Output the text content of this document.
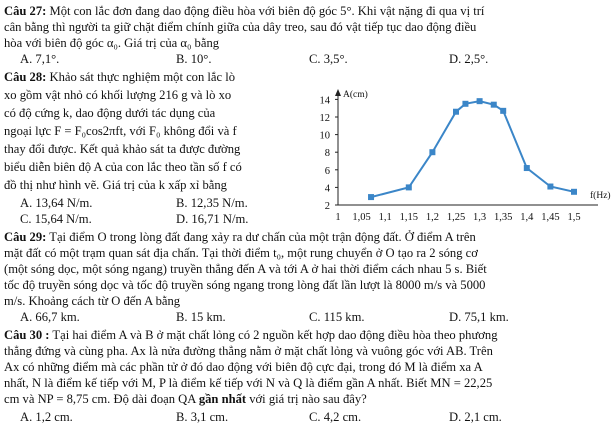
Câu 27: Một con lắc đơn đang dao động điều hòa với biên độ góc 5°. Khi vật nặng đi qua vị trí
cân bằng thì người ta giữ chặt điểm chính giữa của dây treo, sau đó vật tiếp tục dao động điều
hòa với biên độ góc α₀. Giá trị của α₀ bằng
A. 7,1°.	B. 10°.	C. 3,5°.	D. 2,5°.
Câu 28: Khảo sát thực nghiệm một con lắc lò
xo gồm vật nhỏ có khối lượng 216 g và lò xo
có độ cứng k, dao động dưới tác dụng của
ngoại lực F = F₀cos2πft, với F₀ không đổi và f
thay đổi được. Kết quả khảo sát ta được đường
biểu diễn biên độ A của con lắc theo tần số f có
đồ thị như hình vẽ. Giá trị của k xấp xỉ bằng
A. 13,64 N/m.	B. 12,35 N/m.
C. 15,64 N/m.	D. 16,71 N/m.
2
4
6
8
10
12
14
1 1,05 1,1 1,15 1,2 1,25 1,3 1,35 1,4 1,45 1,5
A(cm)
f(Hz)
Câu 29: Tại điểm O trong lòng đất đang xảy ra dư chấn của một trận động đất. Ở điểm A trên
mặt đất có một trạm quan sát địa chấn. Tại thời điểm t₀, một rung chuyển ở O tạo ra 2 sóng cơ
(một sóng dọc, một sóng ngang) truyền thẳng đến A và tới A ở hai thời điểm cách nhau 5 s. Biết
tốc độ truyền sóng dọc và tốc độ truyền sóng ngang trong lòng đất lần lượt là 8000 m/s và 5000
m/s. Khoảng cách từ O đến A bằng
A. 66,7 km.	B. 15 km.	C. 115 km.	D. 75,1 km.
Câu 30 : Tại hai điểm A và B ở mặt chất lỏng có 2 nguồn kết hợp dao động điều hòa theo phương
thẳng đứng và cùng pha. Ax là nửa đường thẳng nằm ở mặt chất lỏng và vuông góc với AB. Trên
Ax có những điểm mà các phần tử ở đó dao động với biên độ cực đại, trong đó M là điểm xa A
nhất, N là điểm kế tiếp với M, P là điểm kế tiếp với N và Q là điểm gần A nhất. Biết MN = 22,25
cm và NP = 8,75 cm. Độ dài đoạn QA gần nhất với giá trị nào sau đây?
A. 1,2 cm.	B. 3,1 cm.	C. 4,2 cm.	D. 2,1 cm.
